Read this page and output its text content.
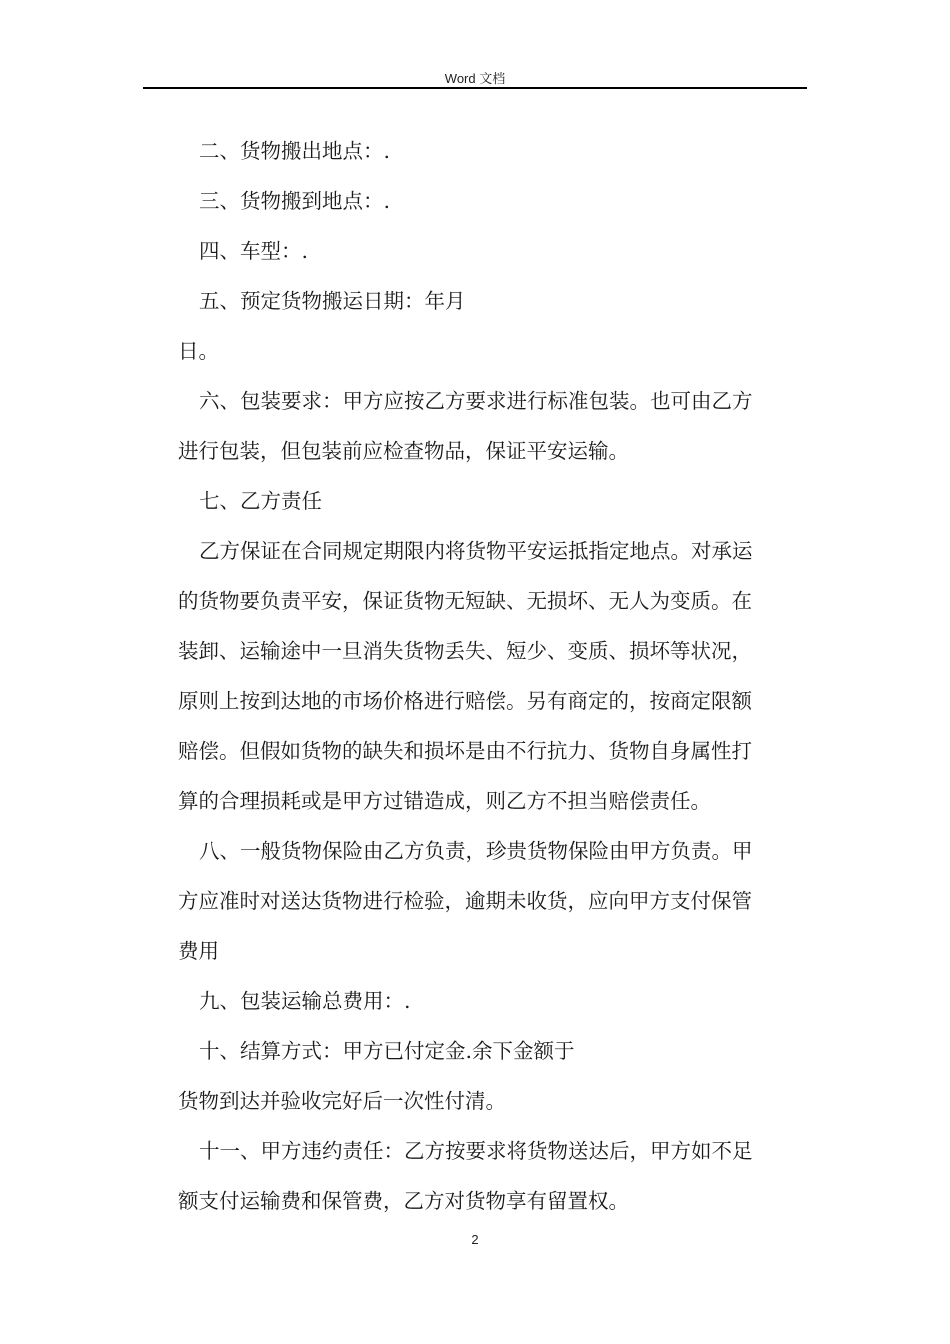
Word 文档
二、货物搬出地点：.
三、货物搬到地点：.
四、车型：.
五、预定货物搬运日期：年月
日。
六、包装要求：甲方应按乙方要求进行标准包装。也可由乙方
进行包装，但包装前应检查物品，保证平安运输。
七、乙方责任
乙方保证在合同规定期限内将货物平安运抵指定地点。对承运
的货物要负责平安，保证货物无短缺、无损坏、无人为变质。在
装卸、运输途中一旦消失货物丢失、短少、变质、损坏等状况，
原则上按到达地的市场价格进行赔偿。另有商定的，按商定限额
赔偿。但假如货物的缺失和损坏是由不行抗力、货物自身属性打
算的合理损耗或是甲方过错造成，则乙方不担当赔偿责任。
八、一般货物保险由乙方负责，珍贵货物保险由甲方负责。甲
方应准时对送达货物进行检验，逾期未收货，应向甲方支付保管
费用
九、包装运输总费用：.
十、结算方式：甲方已付定金.余下金额于
货物到达并验收完好后一次性付清。
十一、甲方违约责任：乙方按要求将货物送达后，甲方如不足
额支付运输费和保管费，乙方对货物享有留置权。
2
